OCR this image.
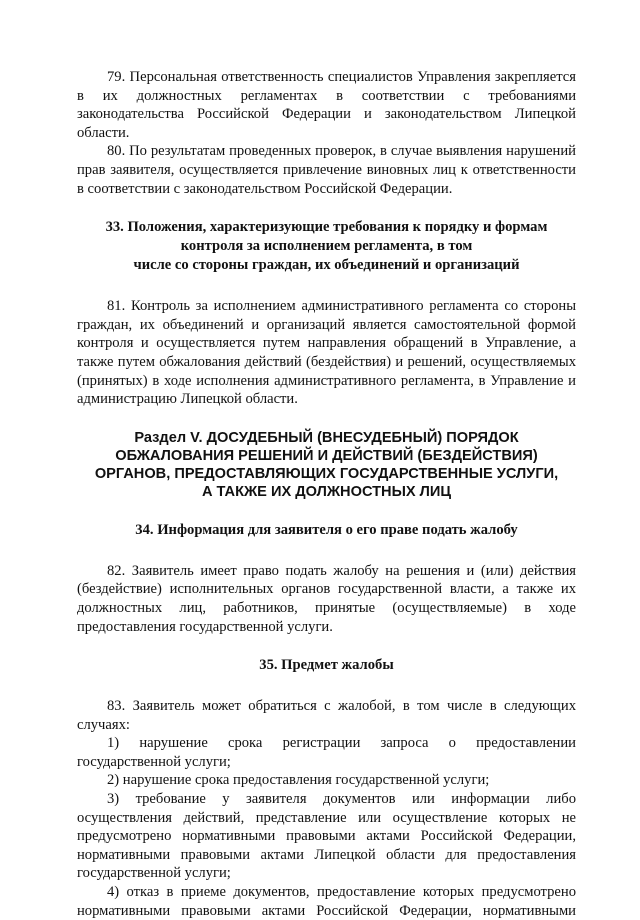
79. Персональная ответственность специалистов Управления закрепляется в их должностных регламентах в соответствии с требованиями законодательства Российской Федерации и законодательством Липецкой области.

80. По результатам проведенных проверок, в случае выявления нарушений прав заявителя, осуществляется привлечение виновных лиц к ответственности в соответствии с законодательством Российской Федерации.

33. Положения, характеризующие требования к порядку и формам
контроля за исполнением регламента, в том
числе со стороны граждан, их объединений и организаций

81. Контроль за исполнением административного регламента со стороны граждан, их объединений и организаций является самостоятельной формой контроля и осуществляется путем направления обращений в Управление, а также путем обжалования действий (бездействия) и решений, осуществляемых (принятых) в ходе исполнения административного регламента, в Управление и администрацию Липецкой области.

Раздел V. ДОСУДЕБНЫЙ (ВНЕСУДЕБНЫЙ) ПОРЯДОК
ОБЖАЛОВАНИЯ РЕШЕНИЙ И ДЕЙСТВИЙ (БЕЗДЕЙСТВИЯ)
ОРГАНОВ, ПРЕДОСТАВЛЯЮЩИХ ГОСУДАРСТВЕННЫЕ УСЛУГИ,
А ТАКЖЕ ИХ ДОЛЖНОСТНЫХ ЛИЦ
34. Информация для заявителя о его праве подать жалобу

82. Заявитель имеет право подать жалобу на решения и (или) действия (бездействие) исполнительных органов государственной власти, а также их должностных лиц, работников, принятые (осуществляемые) в ходе предоставления государственной услуги.

35. Предмет жалобы

83. Заявитель может обратиться с жалобой, в том числе в следующих случаях:

1) нарушение срока регистрации запроса о предоставлении государственной услуги;

2) нарушение срока предоставления государственной услуги;

3) требование у заявителя документов или информации либо осуществления действий, представление или осуществление которых не предусмотрено нормативными правовыми актами Российской Федерации, нормативными правовыми актами Липецкой области для предоставления государственной услуги;

4) отказ в приеме документов, предоставление которых предусмотрено нормативными правовыми актами Российской Федерации, нормативными
